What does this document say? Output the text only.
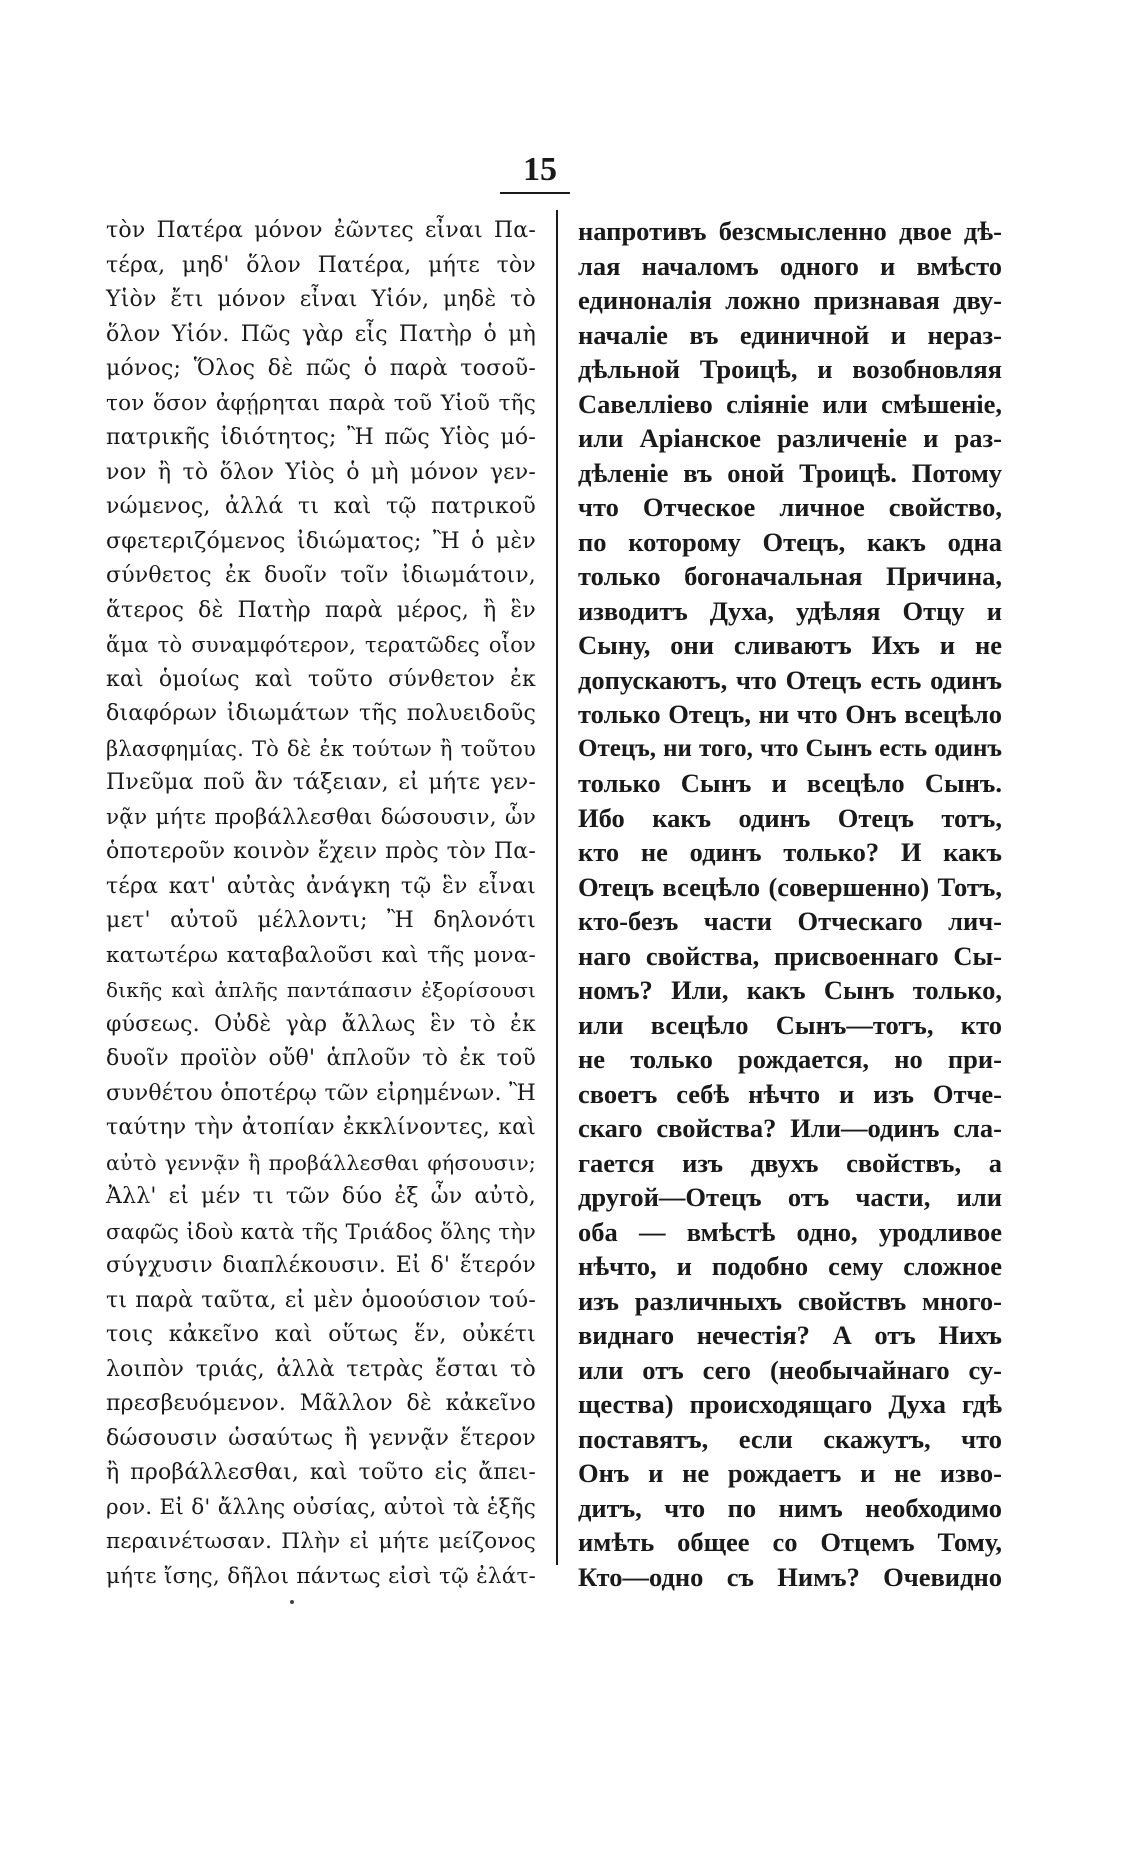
15
τὸν Πατέρα μόνον ἐῶντες εἶναι Πα-
τέρα, μηδ' ὅλον Πατέρα, μήτε τὸν
Υἱὸν ἔτι μόνον εἶναι Υἱόν, μηδὲ τὸ
ὅλον Υἱόν. Πῶς γὰρ εἷς Πατὴρ ὁ μὴ
μόνος; Ὅλος δὲ πῶς ὁ παρὰ τοσοῦ-
τον ὅσον ἀφῄρηται παρὰ τοῦ Υἱοῦ τῆς
πατρικῆς ἰδιότητος; Ἢ πῶς Υἱὸς μό-
νον ἢ τὸ ὅλον Υἱὸς ὁ μὴ μόνον γεν-
νώμενος, ἀλλά τι καὶ τῷ πατρικοῦ
σφετεριζόμενος ἰδιώματος; Ἢ ὁ μὲν
σύνθετος ἐκ δυοῖν τοῖν ἰδιωμάτοιν,
ἅτερος δὲ Πατὴρ παρὰ μέρος, ἢ ἓν
ἅμα τὸ συναμφότερον, τερατῶδες οἷον
καὶ ὁμοίως καὶ τοῦτο σύνθετον ἐκ
διαφόρων ἰδιωμάτων τῆς πολυειδοῦς
βλασφημίας. Τὸ δὲ ἐκ τούτων ἢ τοῦτου
Πνεῦμα ποῦ ἂν τάξειαν, εἰ μήτε γεν-
νᾷν μήτε προβάλλεσθαι δώσουσιν, ὧν
ὁποτεροῦν κοινὸν ἔχειν πρὸς τὸν Πα-
τέρα κατ' αὐτὰς ἀνάγκη τῷ ἓν εἶναι
μετ' αὐτοῦ μέλλοντι; Ἢ δηλονότι
κατωτέρω καταβαλοῦσι καὶ τῆς μονα-
δικῆς καὶ ἁπλῆς παντάπασιν ἐξορίσουσι
φύσεως. Οὐδὲ γὰρ ἄλλως ἓν τὸ ἐκ
δυοῖν προϊὸν οὔθ' ἁπλοῦν τὸ ἐκ τοῦ
συνθέτου ὁποτέρῳ τῶν εἰρημένων. Ἢ
ταύτην τὴν ἀτοπίαν ἐκκλίνοντες, καὶ
αὐτὸ γεννᾷν ἢ προβάλλεσθαι φήσουσιν;
Ἀλλ' εἰ μέν τι τῶν δύο ἐξ ὧν αὐτὸ,
σαφῶς ἰδοὺ κατὰ τῆς Τριάδος ὅλης τὴν
σύγχυσιν διαπλέκουσιν. Εἰ δ' ἕτερόν
τι παρὰ ταῦτα, εἰ μὲν ὁμοούσιον τού-
τοις κἀκεῖνο καὶ οὕτως ἕν, οὐκέτι
λοιπὸν τριάς, ἀλλὰ τετρὰς ἔσται τὸ
πρεσβευόμενον. Μᾶλλον δὲ κἀκεῖνο
δώσουσιν ὡσαύτως ἢ γεννᾷν ἕτερον
ἢ προβάλλεσθαι, καὶ τοῦτο εἰς ἄπει-
ρον. Εἰ δ' ἄλλης οὐσίας, αὐτοὶ τὰ ἑξῆς
περαινέτωσαν. Πλὴν εἰ μήτε μείζονος
μήτε ἴσης, δῆλοι πάντως εἰσὶ τῷ ἐλάτ-
напротивъ безсмысленно двое дѣ-
лая началомъ одного и вмѣсто
единоналія ложно признавая дву-
началіе въ единичной и нераз-
дѣльной Троицѣ, и возобновляя
Савелліево сліяніе или смѣшеніе,
или Аріанское различеніе и раз-
дѣленіе въ оной Троицѣ. Потому
что Отческое личное свойство,
по которому Отецъ, какъ одна
только богоначальная Причина,
изводитъ Духа, удѣляя Отцу и
Сыну, они сливаютъ Ихъ и не
допускаютъ, что Отецъ есть одинъ
только Отецъ, ни что Онъ всецѣло
Отецъ, ни того, что Сынъ есть одинъ
только Сынъ и всецѣло Сынъ.
Ибо какъ одинъ Отецъ тотъ,
кто не одинъ только? И какъ
Отецъ всецѣло (совершенно) Тотъ,
кто-безъ части Отческаго лич-
наго свойства, присвоеннаго Сы-
номъ? Или, какъ Сынъ только,
или всецѣло Сынъ—тотъ, кто
не только рождается, но при-
своетъ себѣ нѣчто и изъ Отче-
скаго свойства? Или—одинъ сла-
гается изъ двухъ свойствъ, а
другой—Отецъ отъ части, или
оба — вмѣстѣ одно, уродливое
нѣчто, и подобно сему сложное
изъ различныхъ свойствъ много-
виднаго нечестія? А отъ Нихъ
или отъ сего (необычайнаго су-
щества) происходящаго Духа гдѣ
поставятъ, если скажутъ, что
Онъ и не рождаетъ и не изво-
дитъ, что по нимъ необходимо
имѣть общее со Отцемъ Тому,
Кто—одно съ Нимъ? Очевидно
